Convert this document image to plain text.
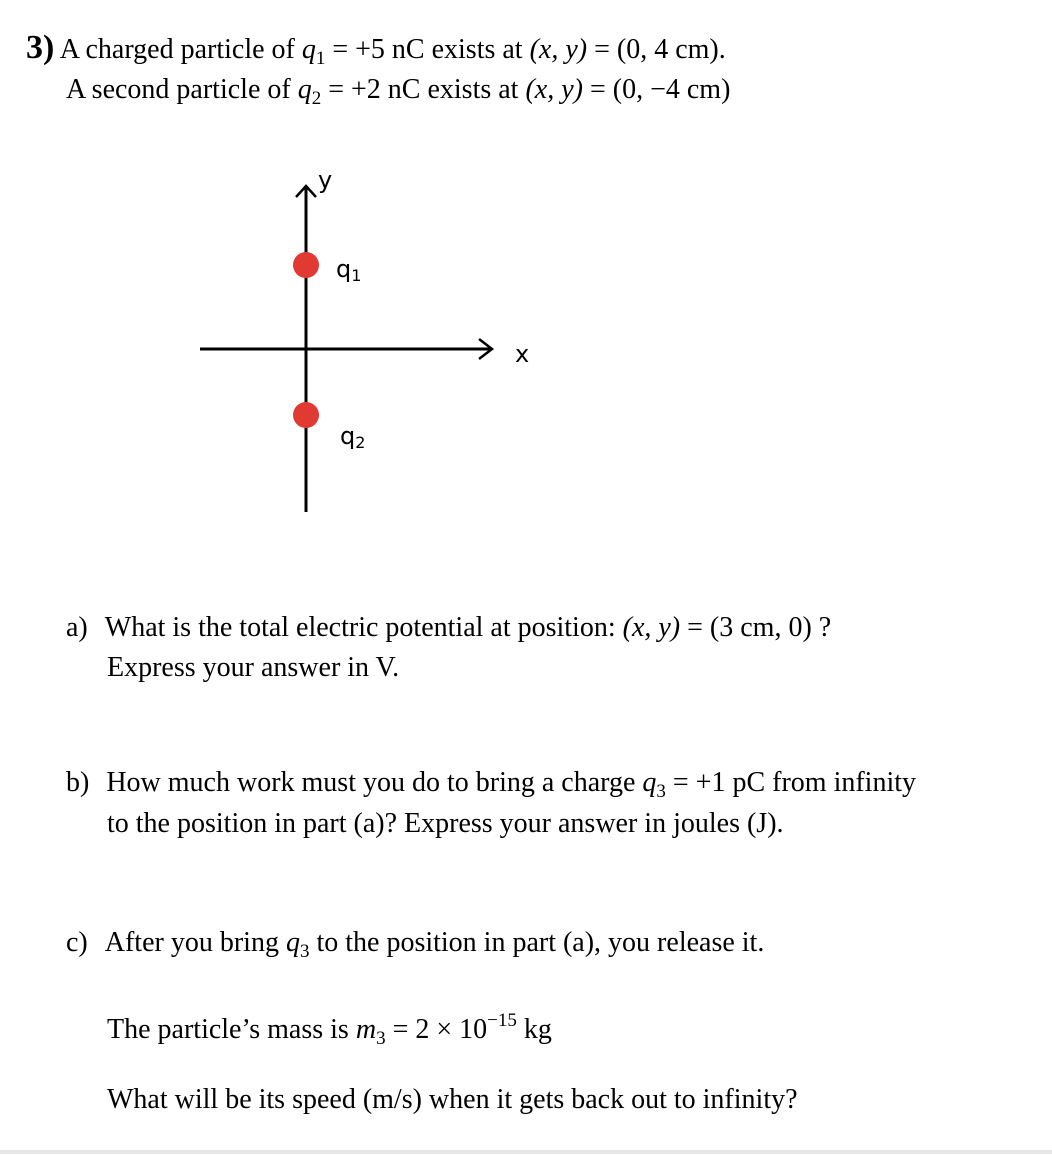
3) A charged particle of $q_1 = +5$ nC exists at (x, y) = (0, 4 cm).
A second particle of $q_2 = +2$ nC exists at (x, y) = (0, −4 cm)
y
x
q1
q2
a) What is the total electric potential at position: (x, y) = (3 cm, 0) ?
Express your answer in V.
b) How much work must you do to bring a charge $q_3 = +1$ pC from infinity
to the position in part (a)? Express your answer in joules (J).
c) After you bring $q_3$ to the position in part (a), you release it.
The particle’s mass is $m_3 = 2 \times 10^{-15}$ kg
What will be its speed (m/s) when it gets back out to infinity?
